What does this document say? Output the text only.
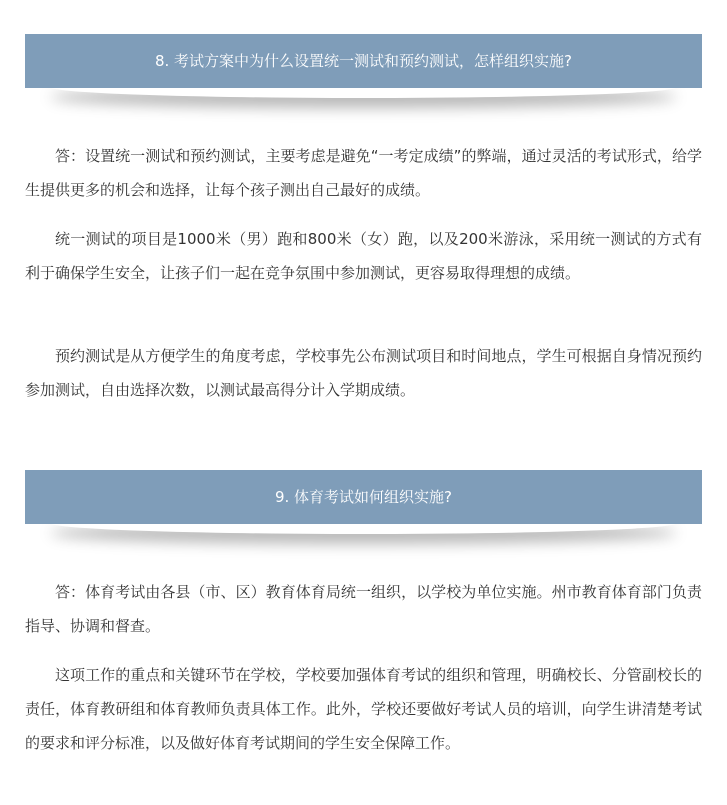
8. 考试方案中为什么设置统一测试和预约测试，怎样组织实施?

答：设置统一测试和预约测试，主要考虑是避免“一考定成绩”的弊端，通过灵活的考试形式，给学生提供更多的机会和选择，让每个孩子测出自己最好的成绩。

统一测试的项目是1000米（男）跑和800米（女）跑，以及200米游泳，采用统一测试的方式有利于确保学生安全，让孩子们一起在竞争氛围中参加测试，更容易取得理想的成绩。

预约测试是从方便学生的角度考虑，学校事先公布测试项目和时间地点，学生可根据自身情况预约参加测试，自由选择次数，以测试最高得分计入学期成绩。

9. 体育考试如何组织实施?

答：体育考试由各县（市、区）教育体育局统一组织，以学校为单位实施。州市教育体育部门负责指导、协调和督查。

这项工作的重点和关键环节在学校，学校要加强体育考试的组织和管理，明确校长、分管副校长的责任，体育教研组和体育教师负责具体工作。此外，学校还要做好考试人员的培训，向学生讲清楚考试的要求和评分标准，以及做好体育考试期间的学生安全保障工作。
